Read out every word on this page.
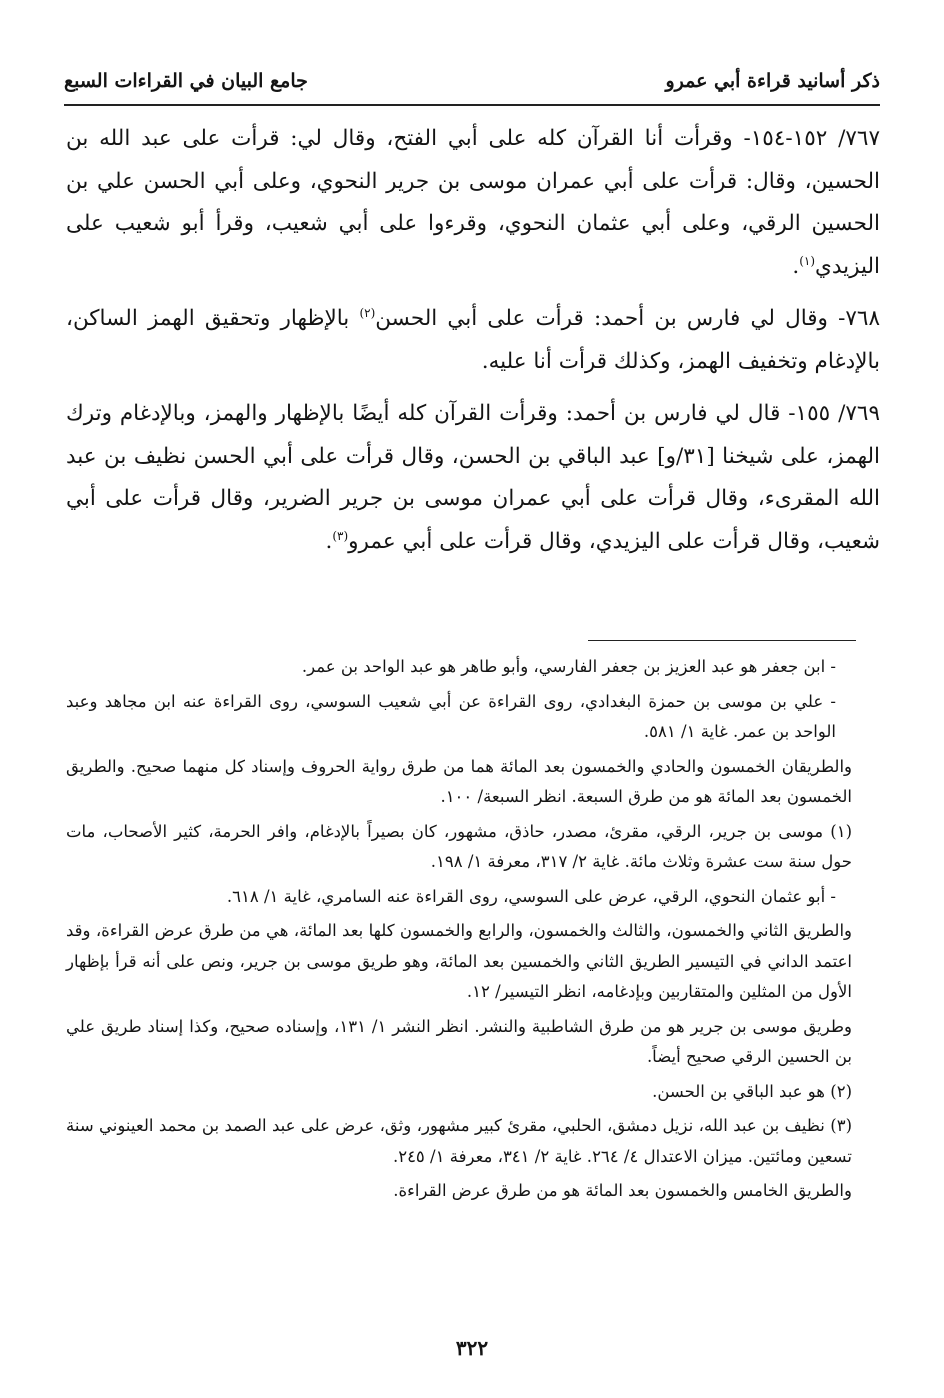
ذكر أسانيد قراءة أبي عمرو
جامع البيان في القراءات السبع

٧٦٧/ ١٥٢-١٥٤- وقرأت أنا القرآن كله على أبي الفتح، وقال لي: قرأت على عبد الله بن الحسين، وقال: قرأت على أبي عمران موسى بن جرير النحوي، وعلى أبي الحسن علي بن الحسين الرقي، وعلى أبي عثمان النحوي، وقرءوا على أبي شعيب، وقرأ أبو شعيب على اليزيدي$^{(١)}$.

٧٦٨- وقال لي فارس بن أحمد: قرأت على أبي الحسن$^{(٢)}$ بالإظهار وتحقيق الهمز الساكن، بالإدغام وتخفيف الهمز، وكذلك قرأت أنا عليه.

٧٦٩/ ١٥٥- قال لي فارس بن أحمد: وقرأت القرآن كله أيضًا بالإظهار والهمز، وبالإدغام وترك الهمز، على شيخنا [٣١/و] عبد الباقي بن الحسن، وقال قرأت على أبي الحسن نظيف بن عبد الله المقرىء، وقال قرأت على أبي عمران موسى بن جرير الضرير، وقال قرأت على أبي شعيب، وقال قرأت على اليزيدي، وقال قرأت على أبي عمرو$^{(٣)}$.

- ابن جعفر هو عبد العزيز بن جعفر الفارسي، وأبو طاهر هو عبد الواحد بن عمر.

- علي بن موسى بن حمزة البغدادي، روى القراءة عن أبي شعيب السوسي، روى القراءة عنه ابن مجاهد وعبد الواحد بن عمر. غاية ١/ ٥٨١.

والطريقان الخمسون والحادي والخمسون بعد المائة هما من طرق رواية الحروف وإسناد كل منهما صحيح. والطريق الخمسون بعد المائة هو من طرق السبعة. انظر السبعة/ ١٠٠.

(١) موسى بن جرير، الرقي، مقرئ، مصدر، حاذق، مشهور، كان بصيراً بالإدغام، وافر الحرمة، كثير الأصحاب، مات حول سنة ست عشرة وثلاث مائة. غاية ٢/ ٣١٧، معرفة ١/ ١٩٨.

- أبو عثمان النحوي، الرقي، عرض على السوسي، روى القراءة عنه السامري، غاية ١/ ٦١٨.

والطريق الثاني والخمسون، والثالث والخمسون، والرابع والخمسون كلها بعد المائة، هي من طرق عرض القراءة، وقد اعتمد الداني في التيسير الطريق الثاني والخمسين بعد المائة، وهو طريق موسى بن جرير، ونص على أنه قرأ بإظهار الأول من المثلين والمتقاربين وبإدغامه، انظر التيسير/ ١٢.

وطريق موسى بن جرير هو من طرق الشاطبية والنشر. انظر النشر ١/ ١٣١، وإسناده صحيح، وكذا إسناد طريق علي بن الحسين الرقي صحيح أيضاً.

(٢) هو عبد الباقي بن الحسن.

(٣) نظيف بن عبد الله، نزيل دمشق، الحلبي، مقرئ كبير مشهور، وثق، عرض على عبد الصمد بن محمد العينوني سنة تسعين ومائتين. ميزان الاعتدال ٤/ ٢٦٤. غاية ٢/ ٣٤١، معرفة ١/ ٢٤٥.

والطريق الخامس والخمسون بعد المائة هو من طرق عرض القراءة.

٣٢٢
